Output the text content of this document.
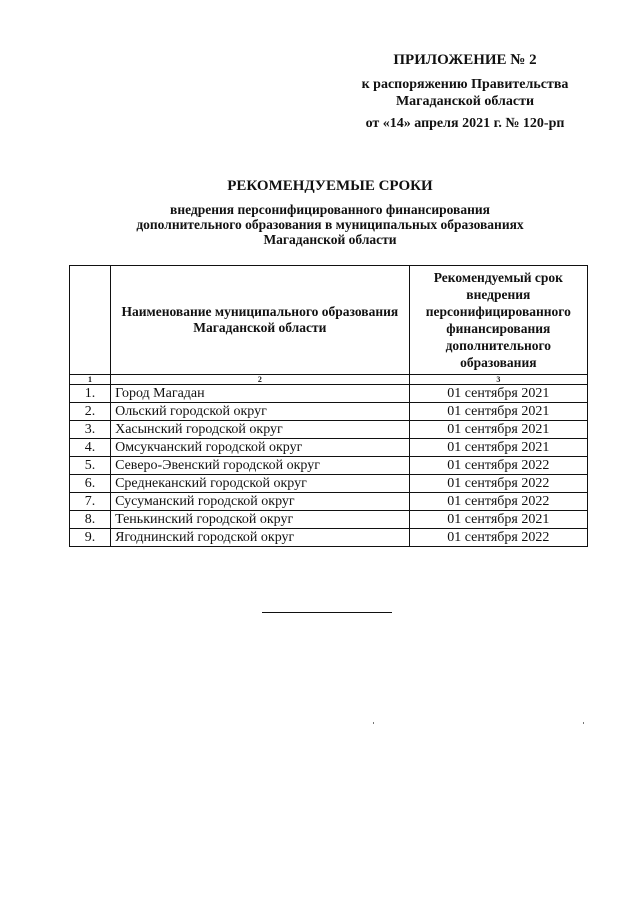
ПРИЛОЖЕНИЕ № 2
к распоряжению Правительства
Магаданской области
от «14» апреля 2021 г. № 120-рп
РЕКОМЕНДУЕМЫЕ СРОКИ
внедрения персонифицированного финансирования
дополнительного образования в муниципальных образованиях
Магаданской области
	Наименование муниципального образования Магаданской области	Рекомендуемый срок внедрения персонифицированного финансирования дополнительного образования
1	2	3
1.	Город Магадан	01 сентября 2021
2.	Ольский городской округ	01 сентября 2021
3.	Хасынский городской округ	01 сентября 2021
4.	Омсукчанский городской округ	01 сентября 2021
5.	Северо-Эвенский городской округ	01 сентября 2022
6.	Среднеканский городской округ	01 сентября 2022
7.	Сусуманский городской округ	01 сентября 2022
8.	Тенькинский городской округ	01 сентября 2021
9.	Ягоднинский городской округ	01 сентября 2022
